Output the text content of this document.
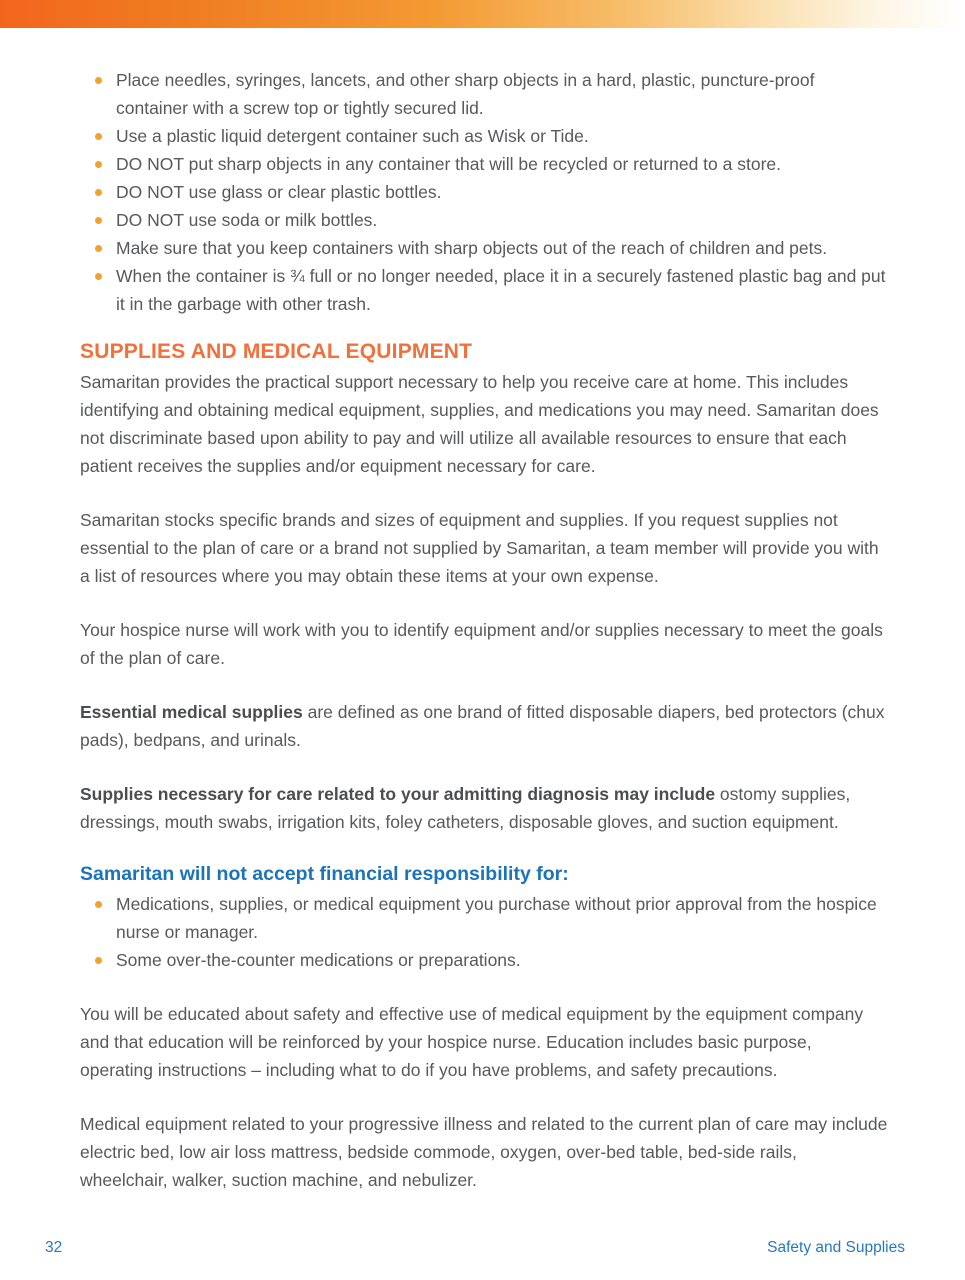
Place needles, syringes, lancets, and other sharp objects in a hard, plastic, puncture-proof container with a screw top or tightly secured lid.
Use a plastic liquid detergent container such as Wisk or Tide.
DO NOT put sharp objects in any container that will be recycled or returned to a store.
DO NOT use glass or clear plastic bottles.
DO NOT use soda or milk bottles.
Make sure that you keep containers with sharp objects out of the reach of children and pets.
When the container is ¾ full or no longer needed, place it in a securely fastened plastic bag and put it in the garbage with other trash.
SUPPLIES AND MEDICAL EQUIPMENT

Samaritan provides the practical support necessary to help you receive care at home. This includes identifying and obtaining medical equipment, supplies, and medications you may need. Samaritan does not discriminate based upon ability to pay and will utilize all available resources to ensure that each patient receives the supplies and/or equipment necessary for care.

Samaritan stocks specific brands and sizes of equipment and supplies. If you request supplies not essential to the plan of care or a brand not supplied by Samaritan, a team member will provide you with a list of resources where you may obtain these items at your own expense.

Your hospice nurse will work with you to identify equipment and/or supplies necessary to meet the goals of the plan of care.

Essential medical supplies are defined as one brand of fitted disposable diapers, bed protectors (chux pads), bedpans, and urinals.

Supplies necessary for care related to your admitting diagnosis may include ostomy supplies, dressings, mouth swabs, irrigation kits, foley catheters, disposable gloves, and suction equipment.

Samaritan will not accept financial responsibility for:
Medications, supplies, or medical equipment you purchase without prior approval from the hospice nurse or manager.
Some over-the-counter medications or preparations.

You will be educated about safety and effective use of medical equipment by the equipment company and that education will be reinforced by your hospice nurse. Education includes basic purpose, operating instructions – including what to do if you have problems, and safety precautions.

Medical equipment related to your progressive illness and related to the current plan of care may include electric bed, low air loss mattress, bedside commode, oxygen, over-bed table, bed-side rails, wheelchair, walker, suction machine, and nebulizer.

32	Safety and Supplies
